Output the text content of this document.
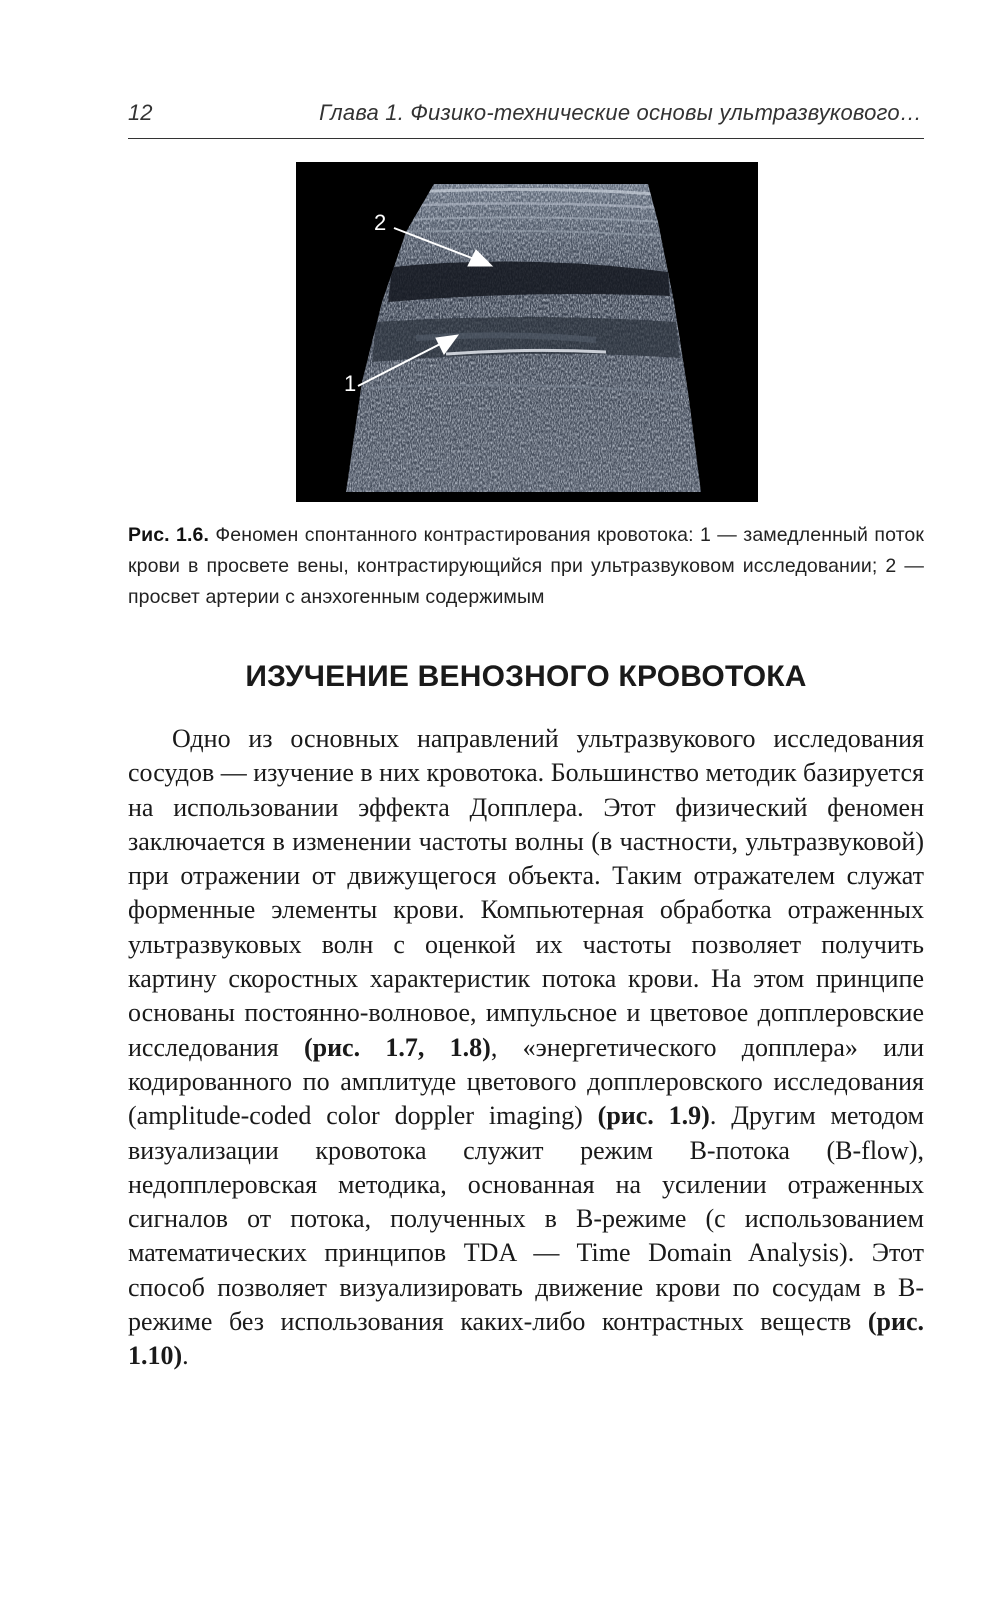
12	Глава 1. Физико-технические основы ультразвукового…
2
1
Рис. 1.6. Феномен спонтанного контрастирования кровотока: 1 — замедленный поток крови в просвете вены, контрастирующийся при ультразвуковом исследовании; 2 — просвет артерии с анэхогенным содержимым
ИЗУЧЕНИЕ ВЕНОЗНОГО КРОВОТОКА
Одно из основных направлений ультразвукового исследования сосудов — изучение в них кровотока. Большинство методик базируется на использовании эффекта Допплера. Этот физический феномен заключается в изменении частоты волны (в частности, ультразвуковой) при отражении от движущегося объекта. Таким отражателем служат форменные элементы крови. Компьютерная обработка отраженных ультразвуковых волн с оценкой их частоты позволяет получить картину скоростных характеристик потока крови. На этом принципе основаны постоянно-волновое, импульсное и цветовое допплеровские исследования (рис. 1.7, 1.8), «энергетического допплера» или кодированного по амплитуде цветового допплеровского исследования (amplitude-coded color doppler imaging) (рис. 1.9). Другим методом визуализации кровотока служит режим В-потока (B-flow), недопплеровская методика, основанная на усилении отраженных сигналов от потока, полученных в В-режиме (с использованием математических принципов TDA — Time Domain Analysis). Этот способ позволяет визуализировать движение крови по сосудам в В-режиме без использования каких-либо контрастных веществ (рис. 1.10).
